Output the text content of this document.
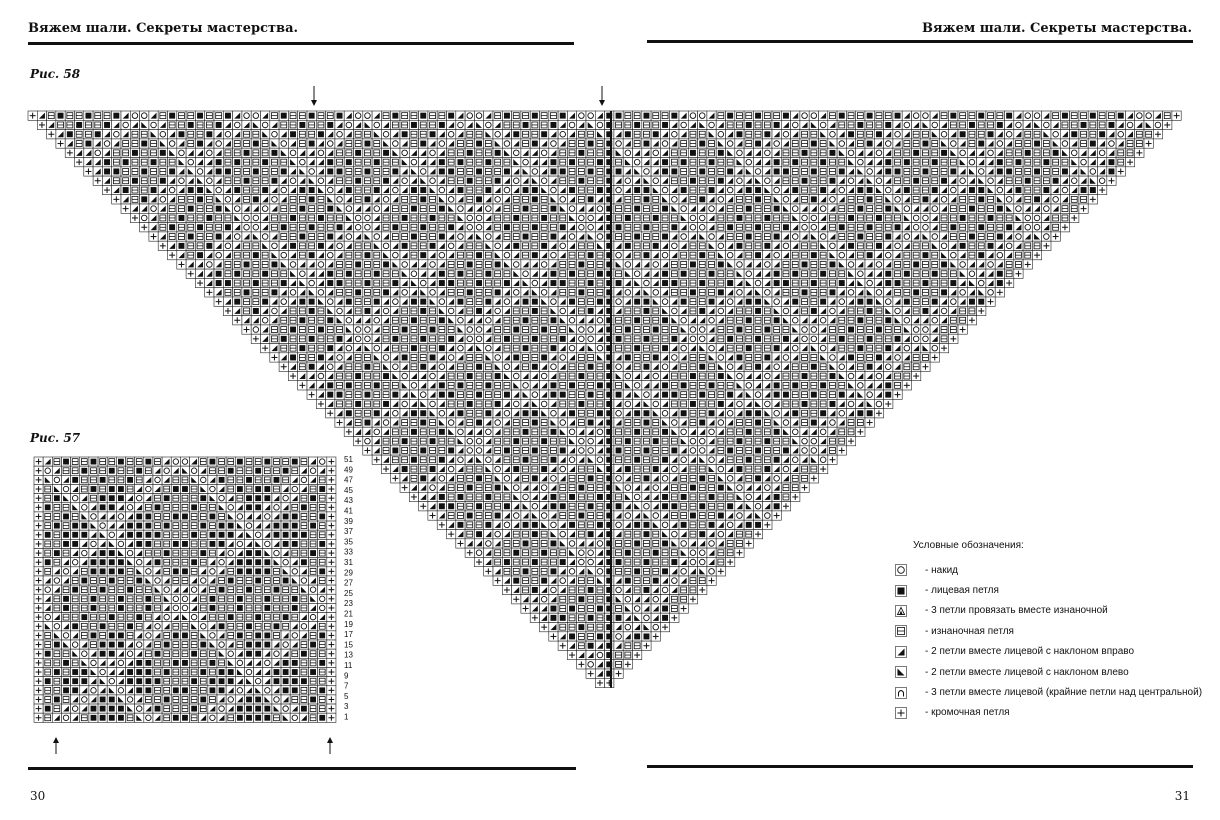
Вяжем шали. Секреты мастерства.	Вяжем шали. Секреты мастерства.
Рис. 58
Рис. 57
51
49
47
45
43
41
39
37
35
33
31
29
27
25
23
21
19
17
15
13
11
9
7
5
3
1
Условные обозначения:
- накид
- лицевая петля
- 3 петли провязать вместе изнаночной
- изнаночная петля
- 2 петли вместе лицевой с наклоном вправо
- 2 петли вместе лицевой с наклоном влево
- 3 петли вместе лицевой (крайние петли над центральной)
- кромочная петля
30	31
